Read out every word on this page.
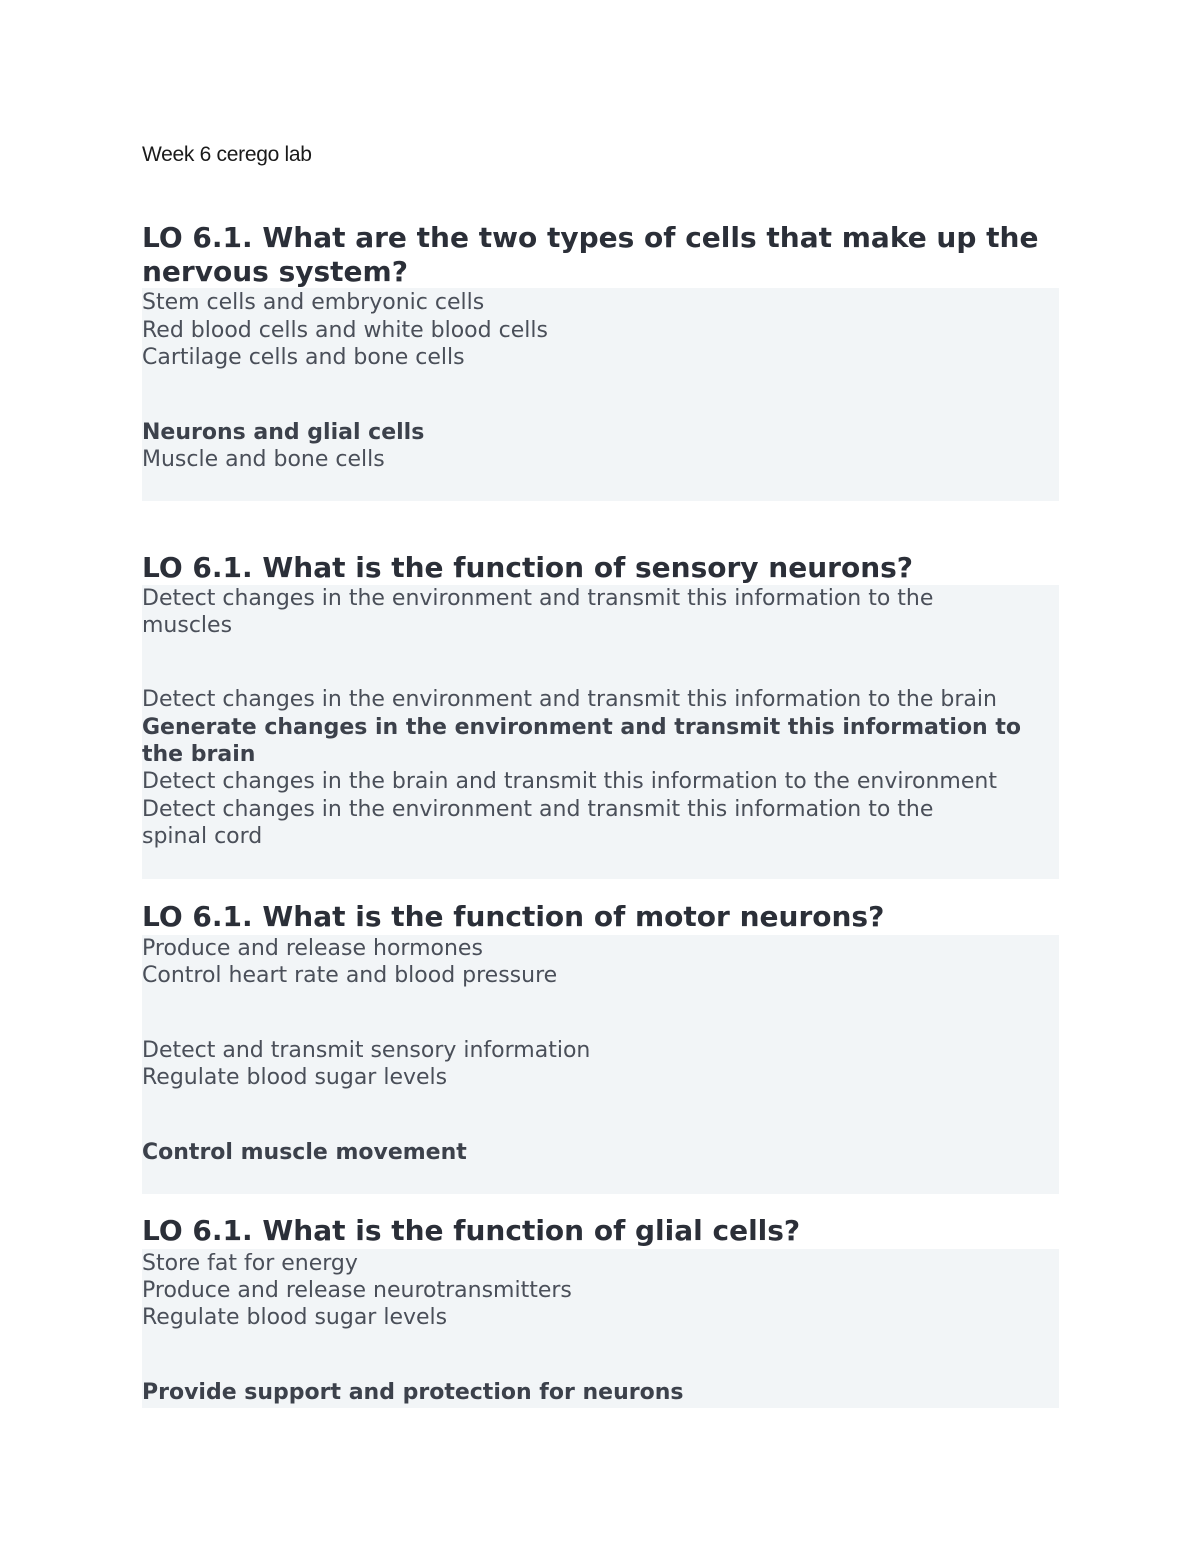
Week 6 cerego lab
LO 6.1. What are the two types of cells that make up the nervous system?
Stem cells and embryonic cells
Red blood cells and white blood cells
Cartilage cells and bone cells
Neurons and glial cells
Muscle and bone cells
LO 6.1. What is the function of sensory neurons?
Detect changes in the environment and transmit this information to the muscles
Detect changes in the environment and transmit this information to the brain
Generate changes in the environment and transmit this information to the brain
Detect changes in the brain and transmit this information to the environment
Detect changes in the environment and transmit this information to the spinal cord
LO 6.1. What is the function of motor neurons?
Produce and release hormones
Control heart rate and blood pressure
Detect and transmit sensory information
Regulate blood sugar levels
Control muscle movement
LO 6.1. What is the function of glial cells?
Store fat for energy
Produce and release neurotransmitters
Regulate blood sugar levels
Provide support and protection for neurons
